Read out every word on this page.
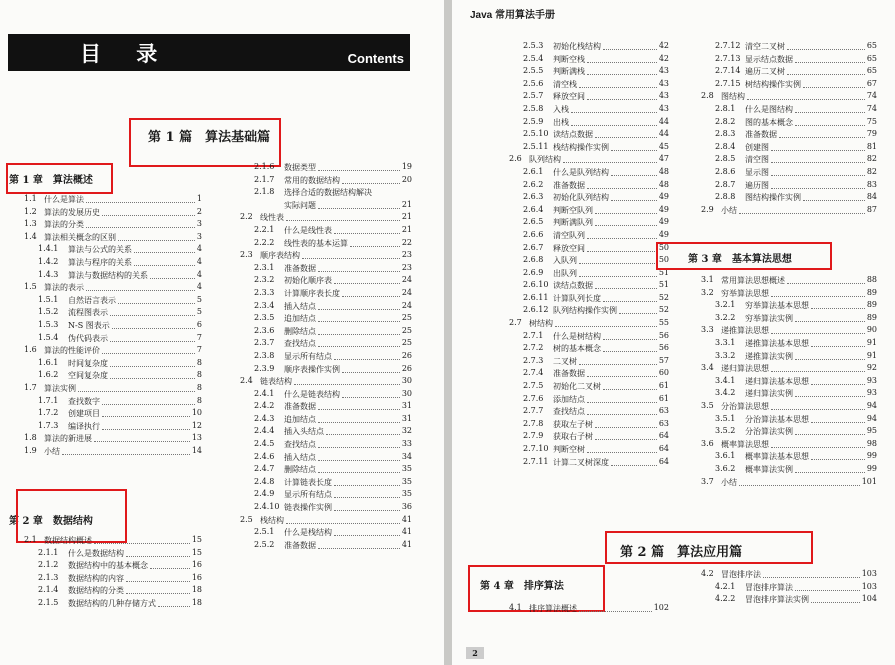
目 录	Contents
第 1 篇　算法基础篇
第 1 章　算法概述
1.1 什么是算法	1
1.2 算法的发展历史	2
1.3 算法的分类	3
1.4 算法相关概念的区别	3
1.4.1 算法与公式的关系	4
1.4.2 算法与程序的关系	4
1.4.3 算法与数据结构的关系	4
1.5 算法的表示	4
1.5.1 自然语言表示	5
1.5.2 流程图表示	5
1.5.3 N-S 图表示	6
1.5.4 伪代码表示	7
1.6 算法的性能评价	7
1.6.1 时间复杂度	8
1.6.2 空间复杂度	8
1.7 算法实例	8
1.7.1 查找数字	8
1.7.2 创建项目	10
1.7.3 编译执行	12
1.8 算法的新进展	13
1.9 小结	14
第 2 章　数据结构
2.1 数据结构概述	15
2.1.1 什么是数据结构	15
2.1.2 数据结构中的基本概念	16
2.1.3 数据结构的内容	16
2.1.4 数据结构的分类	18
2.1.5 数据结构的几种存储方式	18
2.1.6 数据类型	19
2.1.7 常用的数据结构	20
2.1.8 选择合适的数据结构解决
实际问题	21
2.2 线性表	21
2.2.1 什么是线性表	21
2.2.2 线性表的基本运算	22
2.3 顺序表结构	23
2.3.1 准备数据	23
2.3.2 初始化顺序表	24
2.3.3 计算顺序表长度	24
2.3.4 插入结点	24
2.3.5 追加结点	25
2.3.6 删除结点	25
2.3.7 查找结点	25
2.3.8 显示所有结点	26
2.3.9 顺序表操作实例	26
2.4 链表结构	30
2.4.1 什么是链表结构	30
2.4.2 准备数据	31
2.4.3 追加结点	31
2.4.4 插入头结点	32
2.4.5 查找结点	33
2.4.6 插入结点	34
2.4.7 删除结点	35
2.4.8 计算链表长度	35
2.4.9 显示所有结点	35
2.4.10 链表操作实例	36
2.5 栈结构	41
2.5.1 什么是栈结构	41
2.5.2 准备数据	41
Java 常用算法手册
2.5.3 初始化栈结构	42
2.5.4 判断空栈	42
2.5.5 判断满栈	43
2.5.6 清空栈	43
2.5.7 释放空间	43
2.5.8 入栈	43
2.5.9 出栈	44
2.5.10 读结点数据	44
2.5.11 栈结构操作实例	45
2.6 队列结构	47
2.6.1 什么是队列结构	48
2.6.2 准备数据	48
2.6.3 初始化队列结构	49
2.6.4 判断空队列	49
2.6.5 判断满队列	49
2.6.6 清空队列	49
2.6.7 释放空间	50
2.6.8 入队列	50
2.6.9 出队列	51
2.6.10 读结点数据	51
2.6.11 计算队列长度	52
2.6.12 队列结构操作实例	52
2.7 树结构	55
2.7.1 什么是树结构	56
2.7.2 树的基本概念	56
2.7.3 二叉树	57
2.7.4 准备数据	60
2.7.5 初始化二叉树	61
2.7.6 添加结点	61
2.7.7 查找结点	63
2.7.8 获取左子树	63
2.7.9 获取右子树	64
2.7.10 判断空树	64
2.7.11 计算二叉树深度	64
2.7.12 清空二叉树	65
2.7.13 显示结点数据	65
2.7.14 遍历二叉树	65
2.7.15 树结构操作实例	67
2.8 图结构	74
2.8.1 什么是图结构	74
2.8.2 图的基本概念	75
2.8.3 准备数据	79
2.8.4 创建图	81
2.8.5 清空图	82
2.8.6 显示图	82
2.8.7 遍历图	83
2.8.8 图结构操作实例	84
2.9 小结	87
第 3 章　基本算法思想
3.1 常用算法思想概述	88
3.2 穷举算法思想	89
3.2.1 穷举算法基本思想	89
3.2.2 穷举算法实例	89
3.3 递推算法思想	90
3.3.1 递推算法基本思想	91
3.3.2 递推算法实例	91
3.4 递归算法思想	92
3.4.1 递归算法基本思想	93
3.4.2 递归算法实例	93
3.5 分治算法思想	94
3.5.1 分治算法基本思想	94
3.5.2 分治算法实例	95
3.6 概率算法思想	98
3.6.1 概率算法基本思想	99
3.6.2 概率算法实例	99
3.7 小结	101
第 2 篇　算法应用篇
第 4 章　排序算法
4.1 排序算法概述	102
4.2 冒泡排序法	103
4.2.1 冒泡排序算法	103
4.2.2 冒泡排序算法实例	104
2
